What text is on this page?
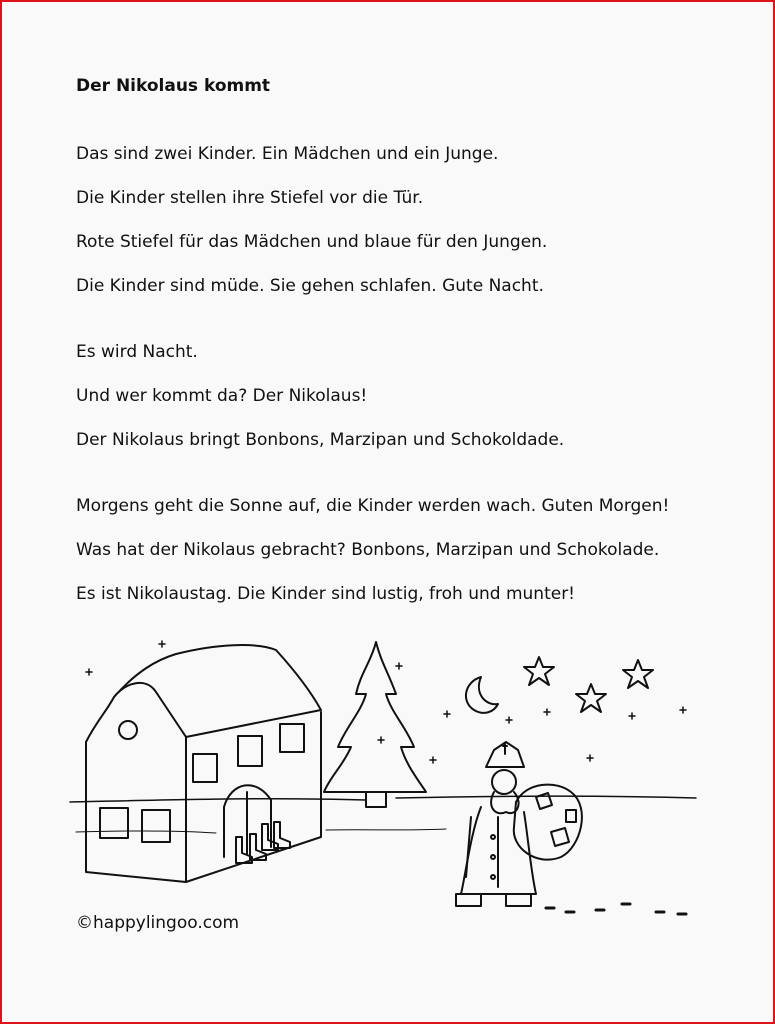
Der Nikolaus kommt
Das sind zwei Kinder. Ein Mädchen und ein Junge.
Die Kinder stellen ihre Stiefel vor die Tür.
Rote Stiefel für das Mädchen und blaue für den Jungen.
Die Kinder sind müde. Sie gehen schlafen. Gute Nacht.
Es wird Nacht.
Und wer kommt da? Der Nikolaus!
Der Nikolaus bringt Bonbons, Marzipan und Schokoldade.
Morgens geht die Sonne auf, die Kinder werden wach. Guten Morgen!
Was hat der Nikolaus gebracht? Bonbons, Marzipan und Schokolade.
Es ist Nikolaustag. Die Kinder sind lustig, froh und munter!
©happylingoo.com
